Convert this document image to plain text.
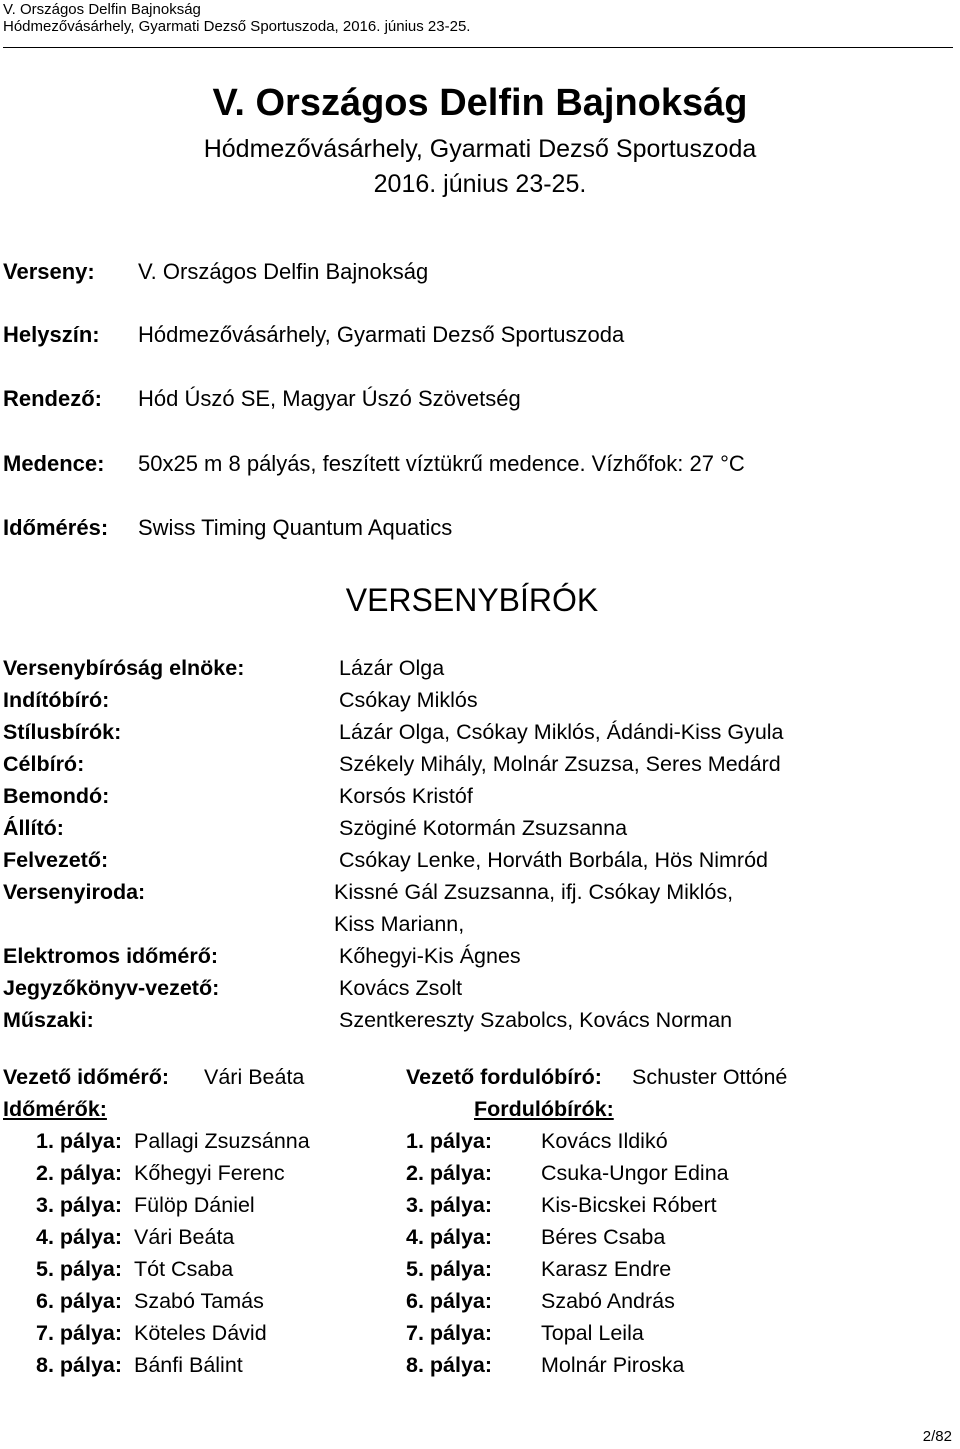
V. Országos Delfin Bajnokság
Hódmezővásárhely, Gyarmati Dezső Sportuszoda, 2016. június 23-25.
V. Országos Delfin Bajnokság
Hódmezővásárhely, Gyarmati Dezső Sportuszoda
2016. június 23-25.
Verseny: V. Országos Delfin Bajnokság
Helyszín: Hódmezővásárhely, Gyarmati Dezső Sportuszoda
Rendező: Hód Úszó SE, Magyar Úszó Szövetség
Medence: 50x25 m 8 pályás, feszített víztükrű medence. Vízhőfok: 27 °C
Időmérés: Swiss Timing Quantum Aquatics
VERSENYBÍRÓK
Versenybíróság elnöke:	Lázár Olga
Indítóbíró:	Csókay Miklós
Stílusbírók:	Lázár Olga, Csókay Miklós, Ádándi-Kiss Gyula
Célbíró:	Székely Mihály, Molnár Zsuzsa, Seres Medárd
Bemondó:	Korsós Kristóf
Állító:	Szöginé Kotormán Zsuzsanna
Felvezető:	Csókay Lenke, Horváth Borbála, Hös Nimród
Versenyiroda:	Kissné Gál Zsuzsanna, ifj. Csókay Miklós,
Kiss Mariann,
Elektromos időmérő:	Kőhegyi-Kis Ágnes
Jegyzőkönyv-vezető:	Kovács Zsolt
Műszaki:	Szentkereszty Szabolcs, Kovács Norman
Vezető időmérő: Vári Beáta
Időmérők:
1. pálya: Pallagi Zsuzsánna
2. pálya: Kőhegyi Ferenc
3. pálya: Fülöp Dániel
4. pálya: Vári Beáta
5. pálya: Tót Csaba
6. pálya: Szabó Tamás
7. pálya: Köteles Dávid
8. pálya: Bánfi Bálint
Vezető fordulóbíró: Schuster Ottóné
Fordulóbírók:
1. pálya: Kovács Ildikó
2. pálya: Csuka-Ungor Edina
3. pálya: Kis-Bicskei Róbert
4. pálya: Béres Csaba
5. pálya: Karasz Endre
6. pálya: Szabó András
7. pálya: Topal Leila
8. pálya: Molnár Piroska
2/82
